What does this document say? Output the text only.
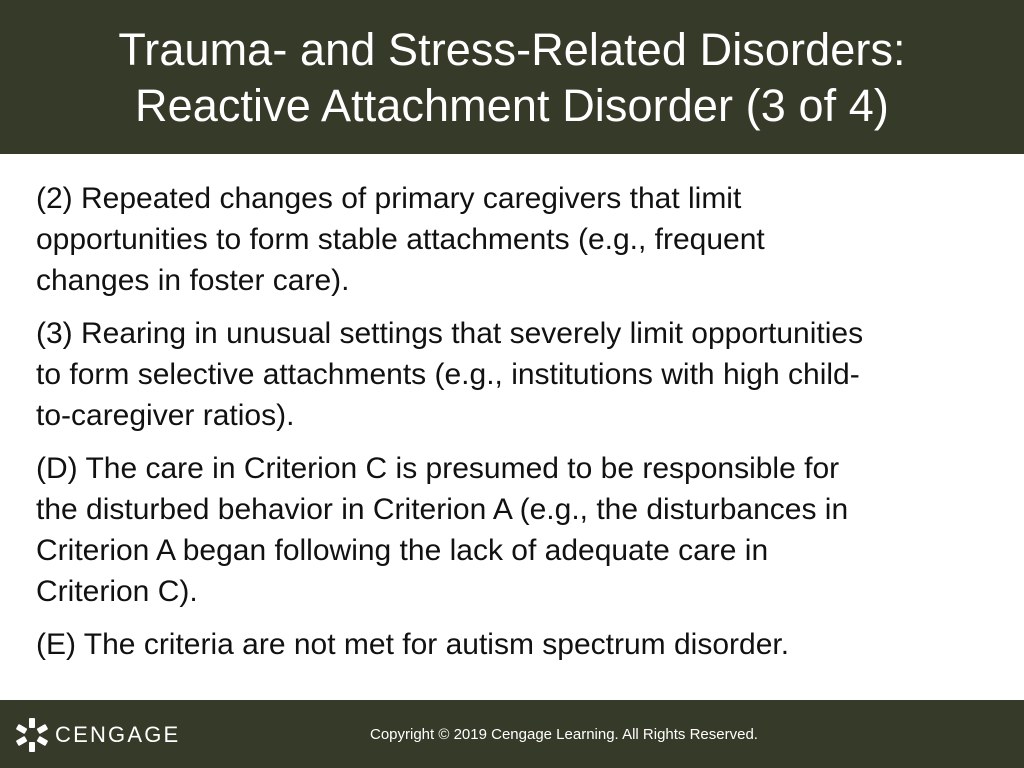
Trauma- and Stress-Related Disorders:
Reactive Attachment Disorder (3 of 4)
(2) Repeated changes of primary caregivers that limit
opportunities to form stable attachments (e.g., frequent
changes in foster care).
(3) Rearing in unusual settings that severely limit opportunities
to form selective attachments (e.g., institutions with high child-
to-caregiver ratios).
(D) The care in Criterion C is presumed to be responsible for
the disturbed behavior in Criterion A (e.g., the disturbances in
Criterion A began following the lack of adequate care in
Criterion C).
(E) The criteria are not met for autism spectrum disorder.
CENGAGE	Copyright © 2019 Cengage Learning. All Rights Reserved.
